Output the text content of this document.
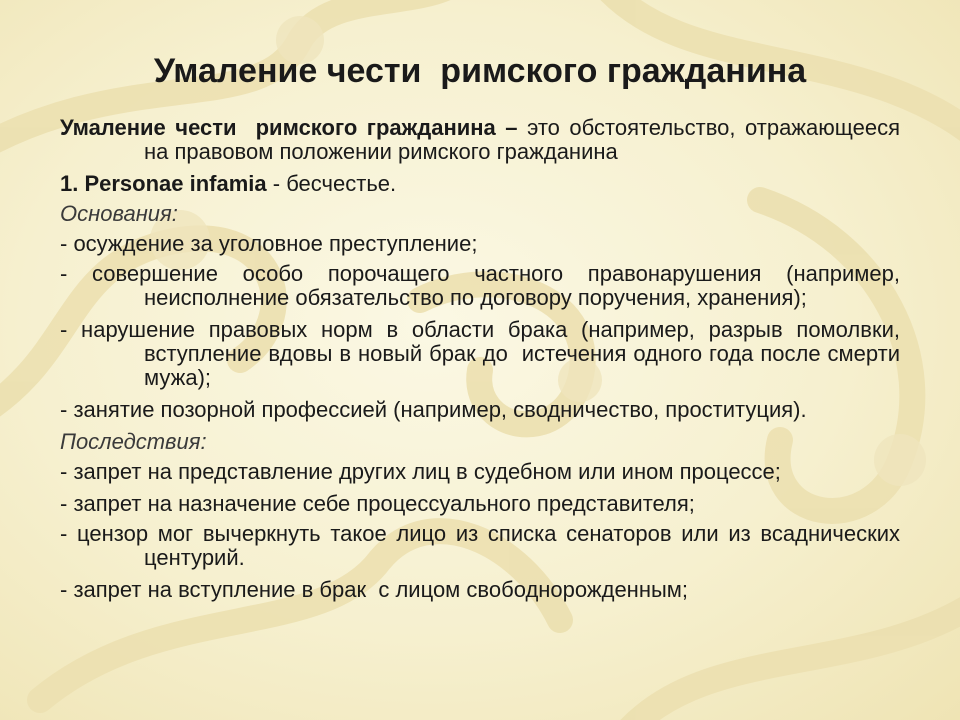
Умаление чести  римского гражданина

Умаление чести  римского гражданина – это обстоятельство, отражающееся на правовом положении римского гражданина

1. Personae infamia - бесчестье.

Основания:

- осуждение за уголовное преступление;

- совершение особо порочащего частного правонарушения (например, неисполнение обязательство по договору поручения, хранения);

- нарушение правовых норм в области брака (например, разрыв помолвки, вступление вдовы в новый брак до  истечения одного года после смерти мужа);

- занятие позорной профессией (например, сводничество, проституция).

Последствия:

- запрет на представление других лиц в судебном или ином процессе;

- запрет на назначение себе процессуального представителя;

- цензор мог вычеркнуть такое лицо из списка сенаторов или из всаднических центурий.

- запрет на вступление в брак  с лицом свободнорожденным;
